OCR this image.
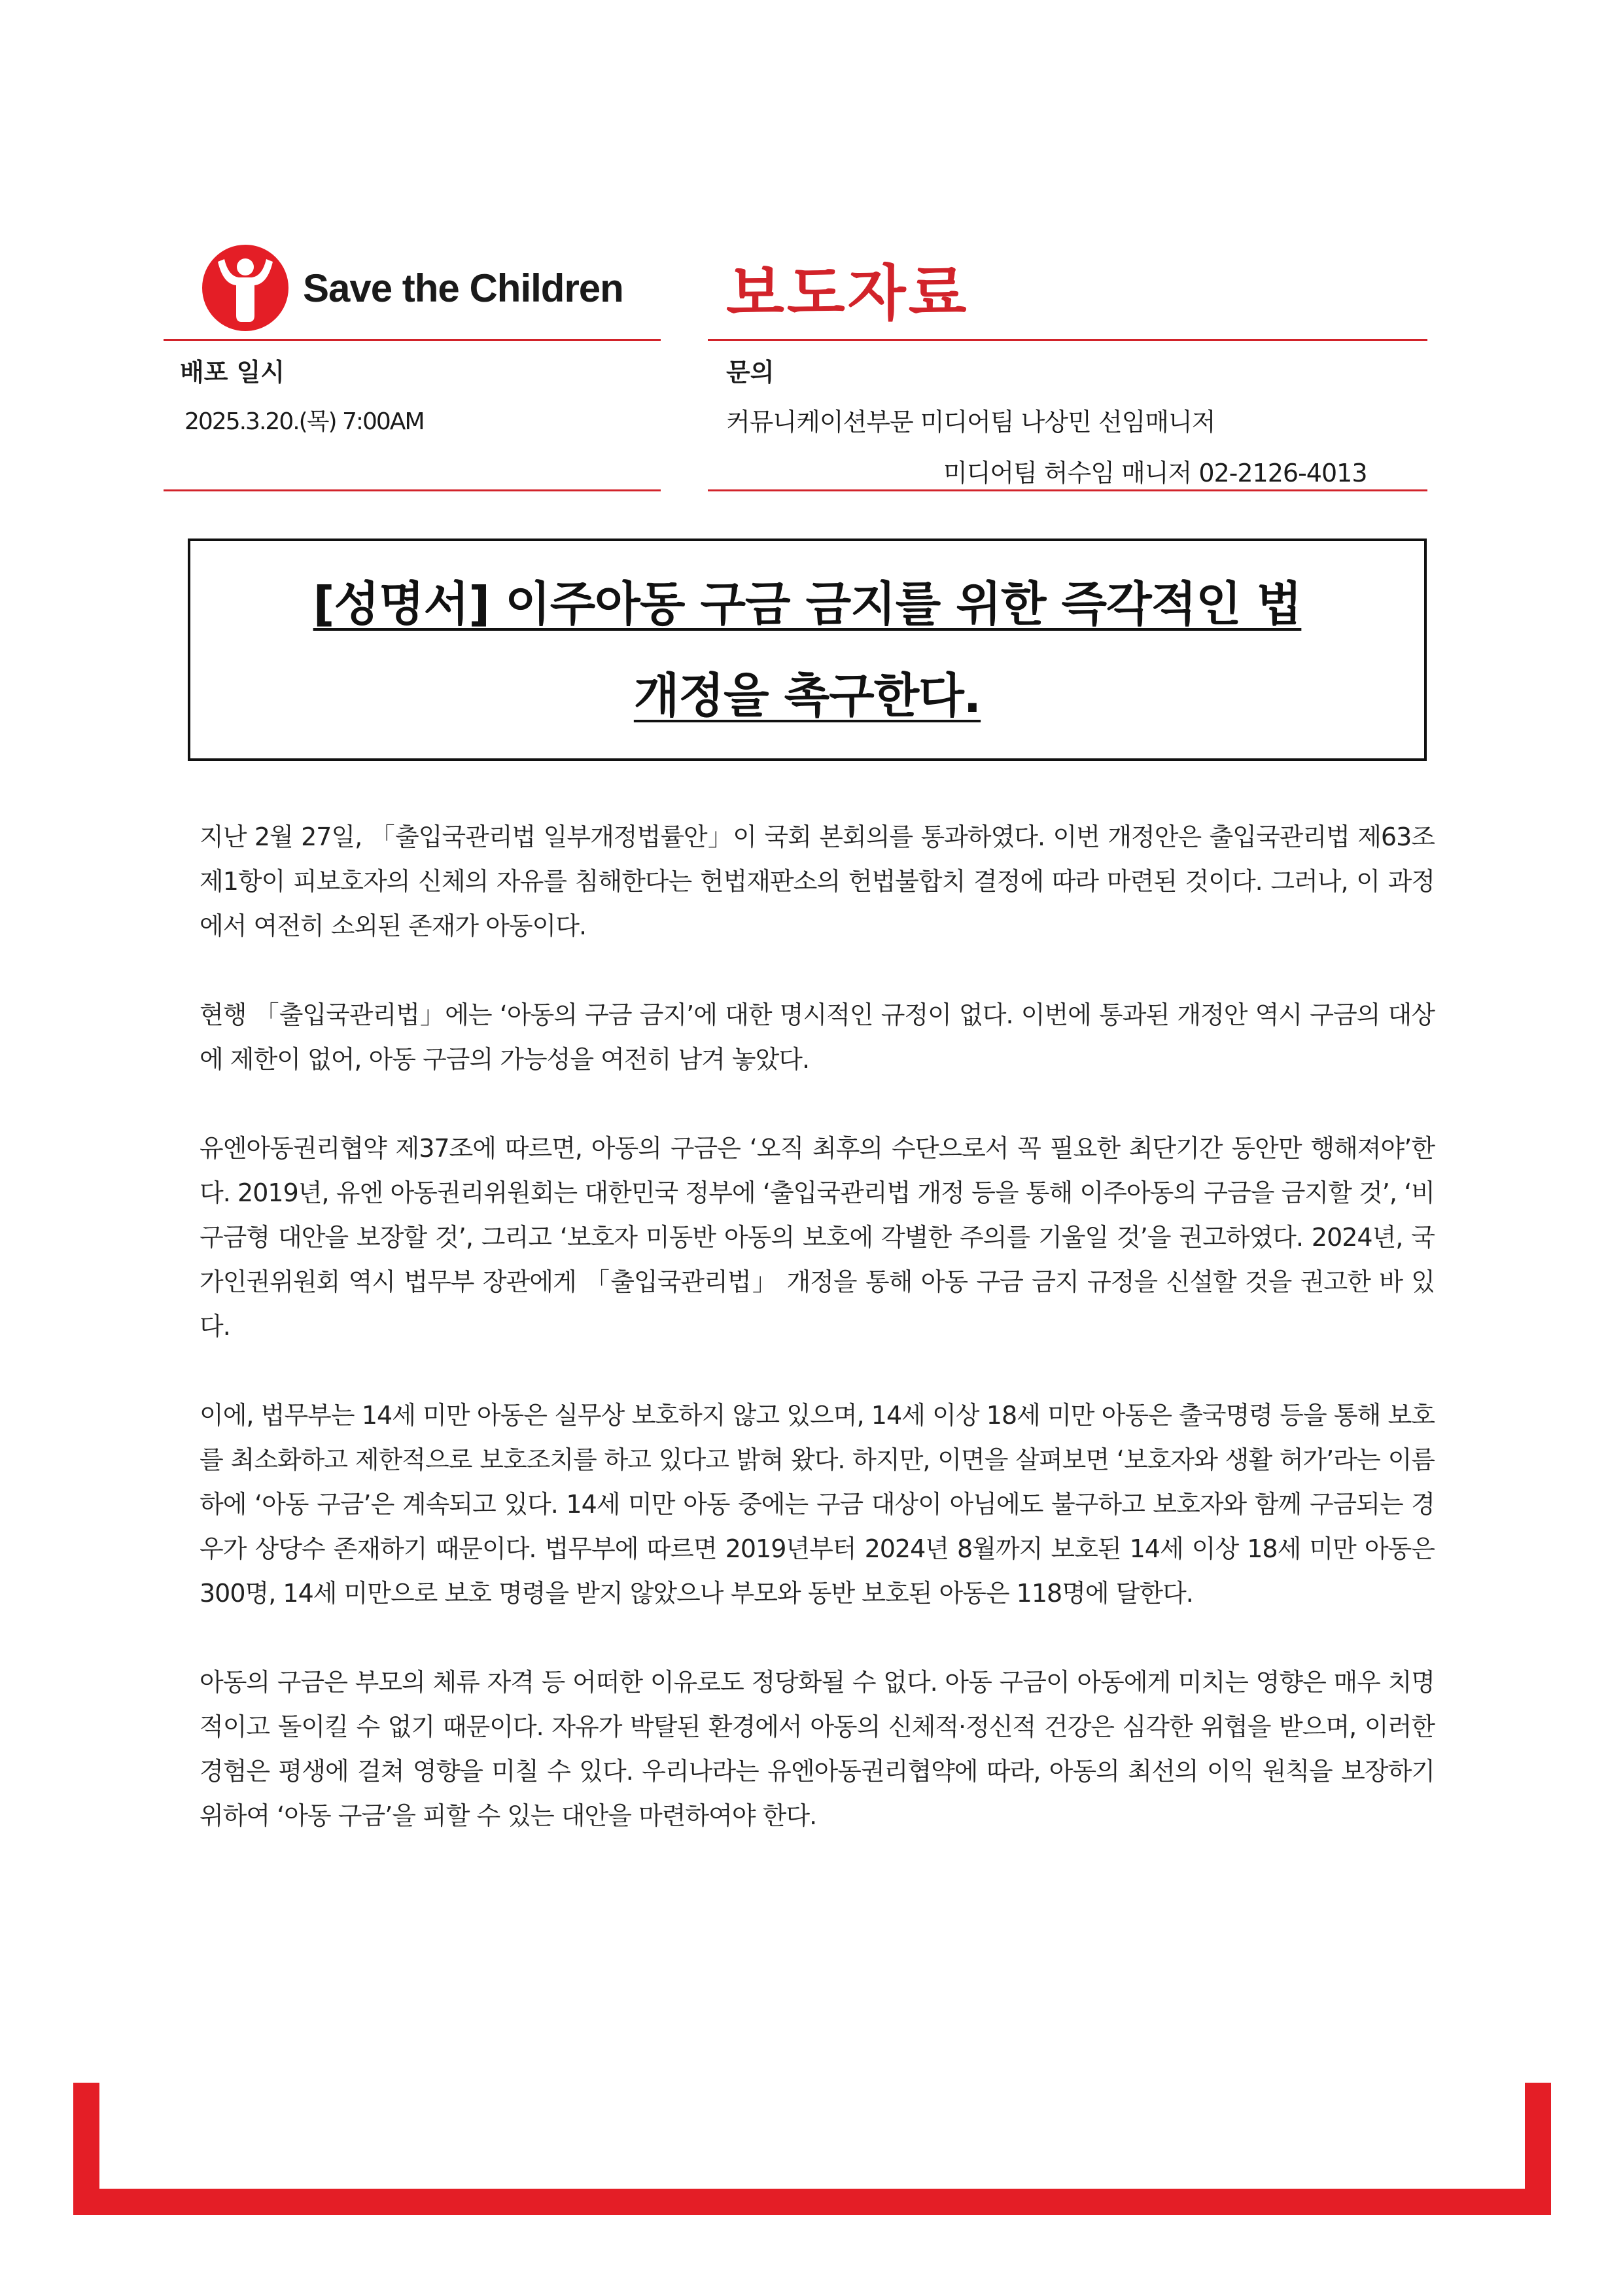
Save the Children 보도자료
배포 일시
2025.3.20.(목) 7:00AM
문의
커뮤니케이션부문 미디어팀 나상민 선임매니저
미디어팀 허수임 매니저 02-2126-4013
[성명서] 이주아동 구금 금지를 위한 즉각적인 법
개정을 촉구한다.

지난 2월 27일, 「출입국관리법 일부개정법률안」이 국회 본회의를 통과하였다. 이번 개정안은 출입국관리법 제63조 제1항이 피보호자의 신체의 자유를 침해한다는 헌법재판소의 헌법불합치 결정에 따라 마련된 것이다. 그러나, 이 과정에서 여전히 소외된 존재가 아동이다.

현행 「출입국관리법」에는 ‘아동의 구금 금지’에 대한 명시적인 규정이 없다. 이번에 통과된 개정안 역시 구금의 대상에 제한이 없어, 아동 구금의 가능성을 여전히 남겨 놓았다.

유엔아동권리협약 제37조에 따르면, 아동의 구금은 ‘오직 최후의 수단으로서 꼭 필요한 최단기간 동안만 행해져야’한다. 2019년, 유엔 아동권리위원회는 대한민국 정부에 ‘출입국관리법 개정 등을 통해 이주아동의 구금을 금지할 것’, ‘비구금형 대안을 보장할 것’, 그리고 ‘보호자 미동반 아동의 보호에 각별한 주의를 기울일 것’을 권고하였다. 2024년, 국가인권위원회 역시 법무부 장관에게 「출입국관리법」 개정을 통해 아동 구금 금지 규정을 신설할 것을 권고한 바 있다.

이에, 법무부는 14세 미만 아동은 실무상 보호하지 않고 있으며, 14세 이상 18세 미만 아동은 출국명령 등을 통해 보호를 최소화하고 제한적으로 보호조치를 하고 있다고 밝혀 왔다. 하지만, 이면을 살펴보면 ‘보호자와 생활 허가’라는 이름하에 ‘아동 구금’은 계속되고 있다. 14세 미만 아동 중에는 구금 대상이 아님에도 불구하고 보호자와 함께 구금되는 경우가 상당수 존재하기 때문이다. 법무부에 따르면 2019년부터 2024년 8월까지 보호된 14세 이상 18세 미만 아동은 300명, 14세 미만으로 보호 명령을 받지 않았으나 부모와 동반 보호된 아동은 118명에 달한다.

아동의 구금은 부모의 체류 자격 등 어떠한 이유로도 정당화될 수 없다. 아동 구금이 아동에게 미치는 영향은 매우 치명적이고 돌이킬 수 없기 때문이다. 자유가 박탈된 환경에서 아동의 신체적·정신적 건강은 심각한 위협을 받으며, 이러한 경험은 평생에 걸쳐 영향을 미칠 수 있다. 우리나라는 유엔아동권리협약에 따라, 아동의 최선의 이익 원칙을 보장하기 위하여 ‘아동 구금’을 피할 수 있는 대안을 마련하여야 한다.
